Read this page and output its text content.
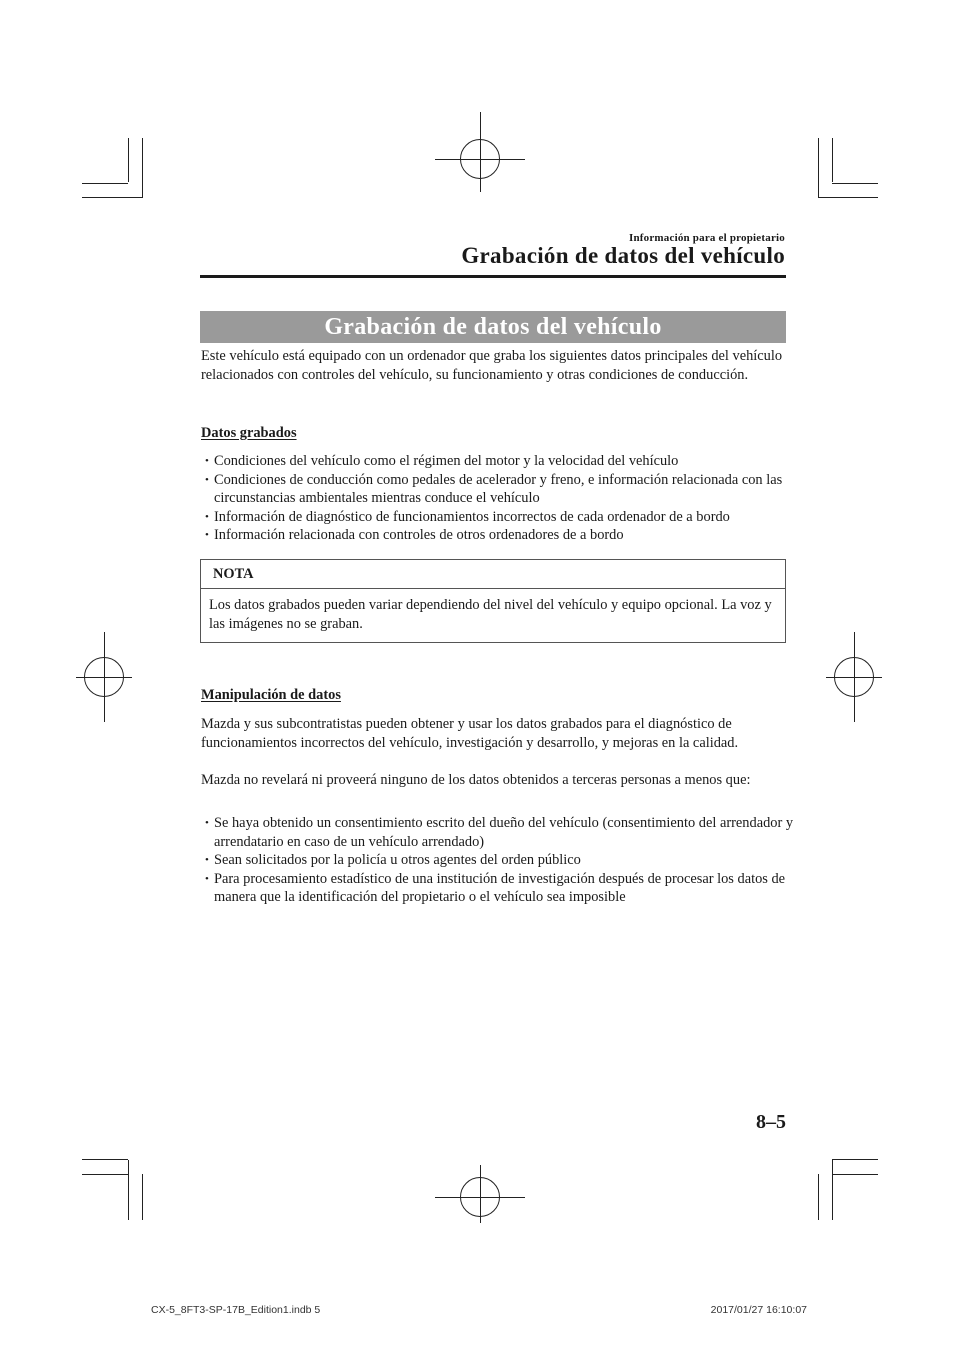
Información para el propietario
Grabación de datos del vehículo
Grabación de datos del vehículo
Este vehículo está equipado con un ordenador que graba los siguientes datos principales del vehículo relacionados con controles del vehículo, su funcionamiento y otras condiciones de conducción.
Datos grabados
• Condiciones del vehículo como el régimen del motor y la velocidad del vehículo
• Condiciones de conducción como pedales de acelerador y freno, e información relacionada con las circunstancias ambientales mientras conduce el vehículo
• Información de diagnóstico de funcionamientos incorrectos de cada ordenador de a bordo
• Información relacionada con controles de otros ordenadores de a bordo
NOTA
Los datos grabados pueden variar dependiendo del nivel del vehículo y equipo opcional. La voz y las imágenes no se graban.
Manipulación de datos
Mazda y sus subcontratistas pueden obtener y usar los datos grabados para el diagnóstico de funcionamientos incorrectos del vehículo, investigación y desarrollo, y mejoras en la calidad.
Mazda no revelará ni proveerá ninguno de los datos obtenidos a terceras personas a menos que:
• Se haya obtenido un consentimiento escrito del dueño del vehículo (consentimiento del arrendador y arrendatario en caso de un vehículo arrendado)
• Sean solicitados por la policía u otros agentes del orden público
• Para procesamiento estadístico de una institución de investigación después de procesar los datos de manera que la identificación del propietario o el vehículo sea imposible
8–5
CX-5_8FT3-SP-17B_Edition1.indb 5	2017/01/27 16:10:07
